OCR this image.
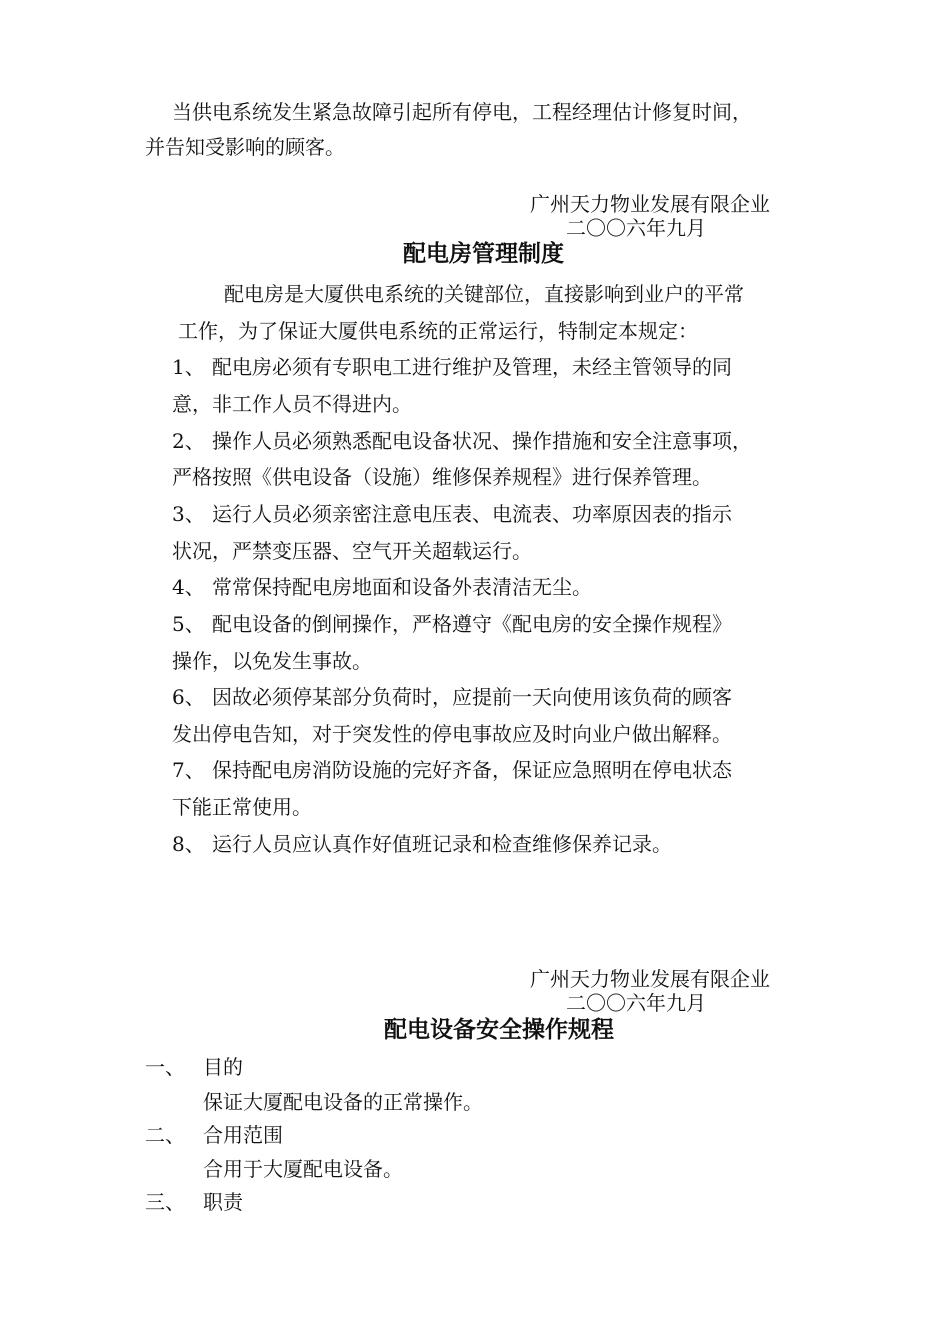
当供电系统发生紧急故障引起所有停电，工程经理估计修复时间，
并告知受影响的顾客。
广州天力物业发展有限企业
二〇〇六年九月
配电房管理制度
配电房是大厦供电系统的关键部位，直接影响到业户的平常
工作，为了保证大厦供电系统的正常运行，特制定本规定：
1、 配电房必须有专职电工进行维护及管理，未经主管领导的同
意，非工作人员不得进内。
2、 操作人员必须熟悉配电设备状况、操作措施和安全注意事项，
严格按照《供电设备（设施）维修保养规程》进行保养管理。
3、 运行人员必须亲密注意电压表、电流表、功率原因表的指示
状况，严禁变压器、空气开关超载运行。
4、 常常保持配电房地面和设备外表清洁无尘。
5、 配电设备的倒闸操作，严格遵守《配电房的安全操作规程》
操作，以免发生事故。
6、 因故必须停某部分负荷时，应提前一天向使用该负荷的顾客
发出停电告知，对于突发性的停电事故应及时向业户做出解释。
7、 保持配电房消防设施的完好齐备，保证应急照明在停电状态
下能正常使用。
8、 运行人员应认真作好值班记录和检查维修保养记录。
广州天力物业发展有限企业
二〇〇六年九月
配电设备安全操作规程
一、 目的
保证大厦配电设备的正常操作。
二、 合用范围
合用于大厦配电设备。
三、 职责
